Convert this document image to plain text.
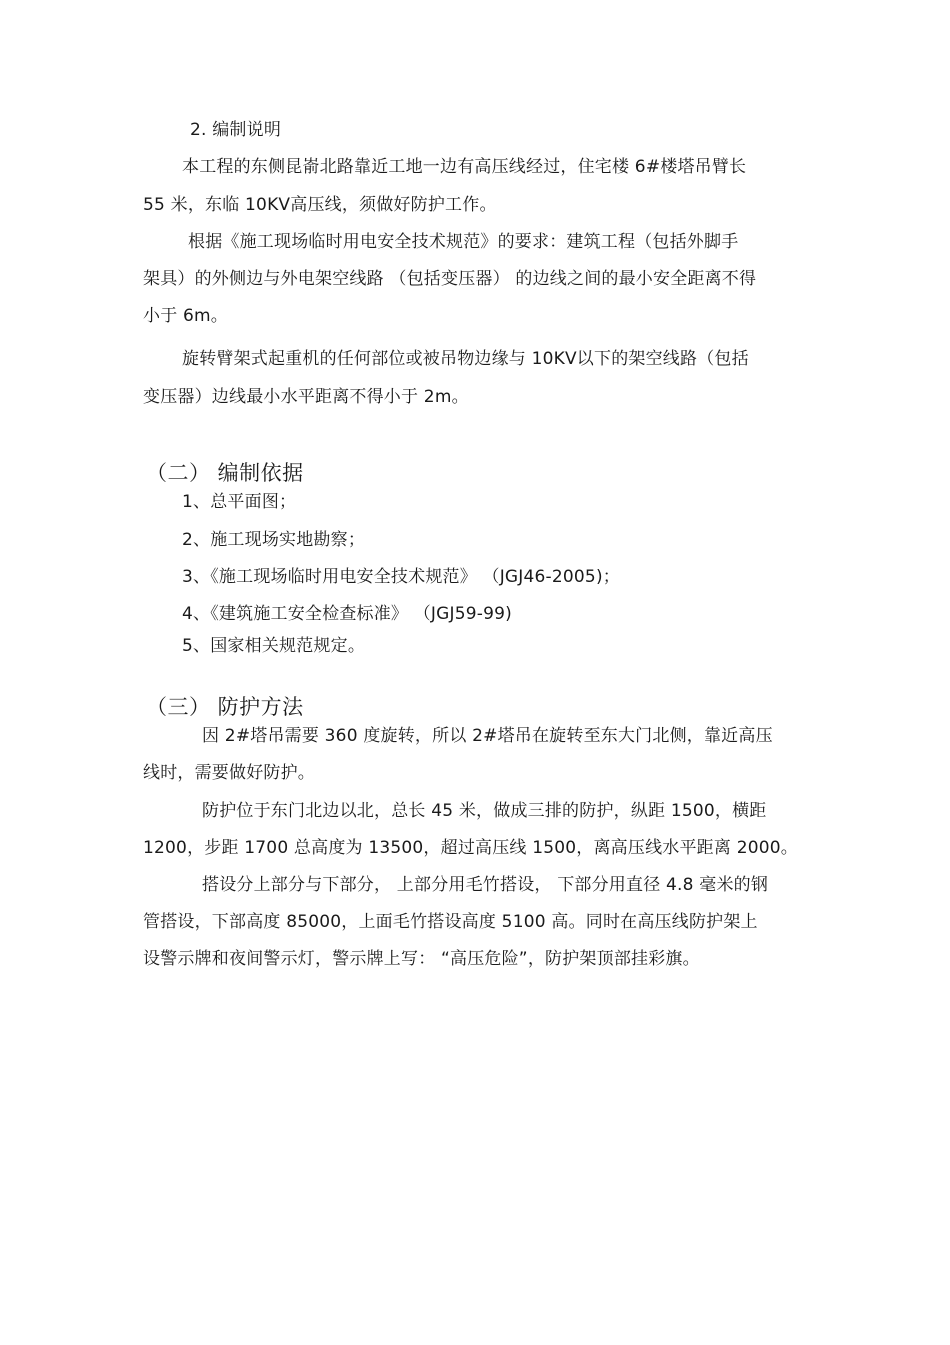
2. 编制说明
本工程的东侧昆嵛北路靠近工地一边有高压线经过，住宅楼 6#楼塔吊臂长
55 米，东临 10KV高压线，须做好防护工作。
根据《施工现场临时用电安全技术规范》的要求：建筑工程（包括外脚手
架具）的外侧边与外电架空线路 （包括变压器） 的边线之间的最小安全距离不得
小于 6m。
旋转臂架式起重机的任何部位或被吊物边缘与 10KV以下的架空线路（包括
变压器）边线最小水平距离不得小于 2m。
（二） 编制依据
1、总平面图；
2、施工现场实地勘察；
3、《施工现场临时用电安全技术规范》 （JGJ46-2005)；
4、《建筑施工安全检查标准》 （JGJ59-99)
5、国家相关规范规定。
（三） 防护方法
因 2#塔吊需要 360 度旋转，所以 2#塔吊在旋转至东大门北侧，靠近高压
线时，需要做好防护。
防护位于东门北边以北，总长 45 米，做成三排的防护，纵距 1500，横距
1200，步距 1700 总高度为 13500，超过高压线 1500，离高压线水平距离 2000。
搭设分上部分与下部分， 上部分用毛竹搭设， 下部分用直径 4.8 毫米的钢
管搭设，下部高度 85000，上面毛竹搭设高度 5100 高。同时在高压线防护架上
设警示牌和夜间警示灯，警示牌上写： “高压危险”，防护架顶部挂彩旗。
